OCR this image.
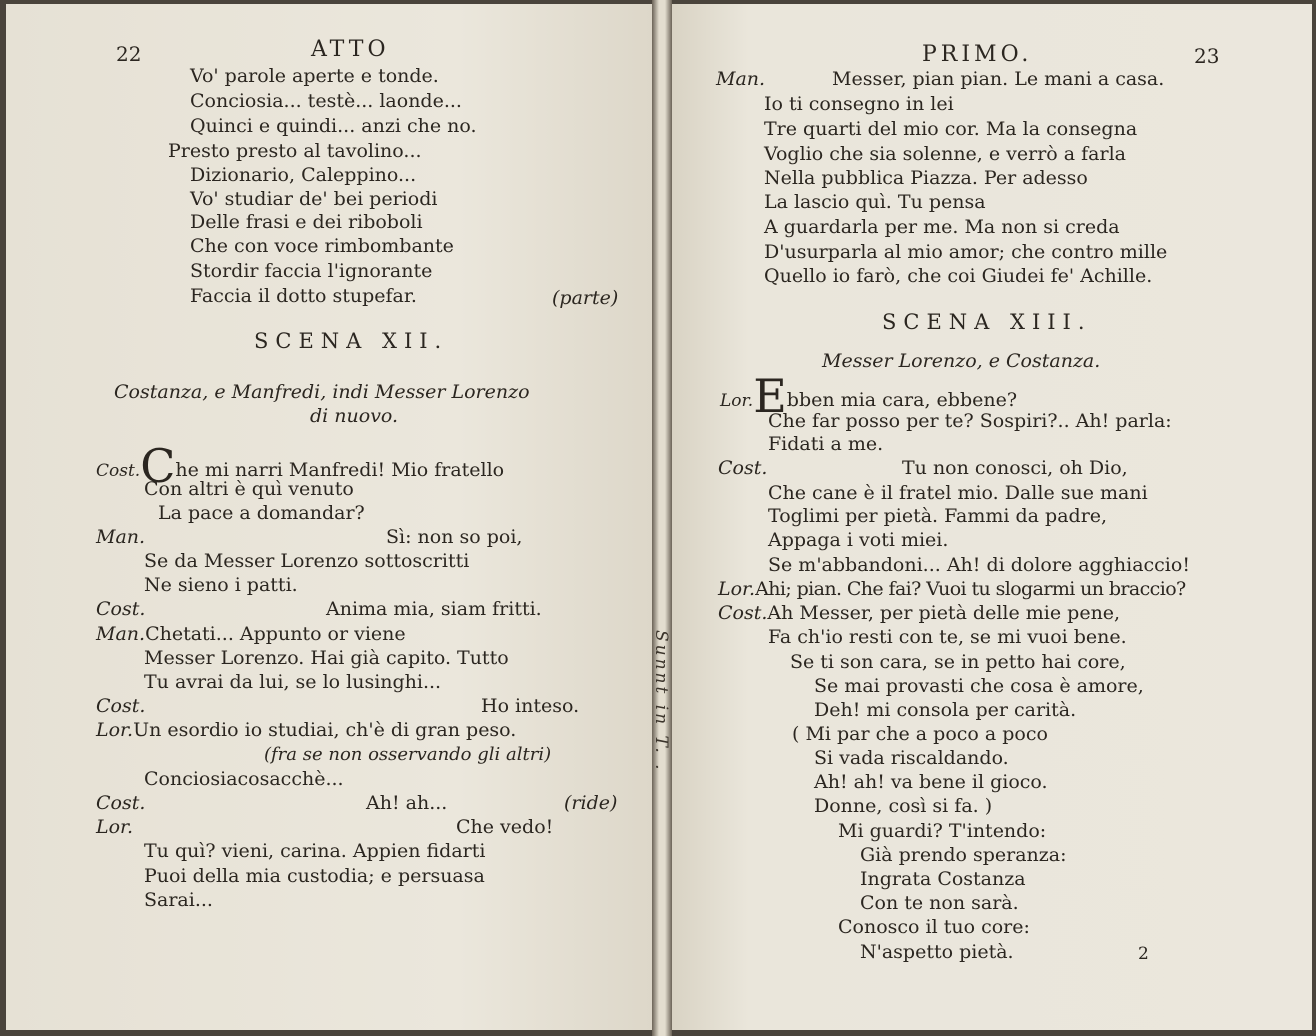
22	ATTO
Vo' parole aperte e tonde.
Conciosia... testè... laonde...
Quinci e quindi... anzi che no.
Presto presto al tavolino...
Dizionario, Caleppino...
Vo' studiar de' bei periodi
Delle frasi e dei riboboli
Che con voce rimbombante
Stordir faccia l'ignorante
Faccia il dotto stupefar.	(parte)
SCENA XII.
Costanza, e Manfredi, indi Messer Lorenzo
di nuovo.
Cost.Che mi narri Manfredi! Mio fratello
Con altri è quì venuto
La pace a domandar?
Man.	Sì: non so poi,
Se da Messer Lorenzo sottoscritti
Ne sieno i patti.
Cost.	Anima mia, siam fritti.
Man.Chetati... Appunto or viene
Messer Lorenzo. Hai già capito. Tutto
Tu avrai da lui, se lo lusinghi...
Cost.	Ho inteso.
Lor.Un esordio io studiai, ch'è di gran peso.
(fra se non osservando gli altri)
Conciosiacosacchè...
Cost.	Ah! ah...	(ride)
Lor.	Che vedo!
Tu quì? vieni, carina. Appien fidarti
Puoi della mia custodia; e persuasa
Sarai...
Sunnt in T. .
PRIMO.	23
Man.	Messer, pian pian. Le mani a casa.
Io ti consegno in lei
Tre quarti del mio cor. Ma la consegna
Voglio che sia solenne, e verrò a farla
Nella pubblica Piazza. Per adesso
La lascio quì. Tu pensa
A guardarla per me. Ma non si creda
D'usurparla al mio amor; che contro mille
Quello io farò, che coi Giudei fe' Achille.
SCENA XIII.
Messer Lorenzo, e Costanza.
Lor.Ebben mia cara, ebbene?
Che far posso per te? Sospiri?.. Ah! parla:
Fidati a me.
Cost.	Tu non conosci, oh Dio,
Che cane è il fratel mio. Dalle sue mani
Toglimi per pietà. Fammi da padre,
Appaga i voti miei.
Se m'abbandoni... Ah! di dolore agghiaccio!
Lor.Ahi; pian. Che fai? Vuoi tu slogarmi un braccio?
Cost.Ah Messer, per pietà delle mie pene,
Fa ch'io resti con te, se mi vuoi bene.
Se ti son cara, se in petto hai core,
Se mai provasti che cosa è amore,
Deh! mi consola per carità.
( Mi par che a poco a poco
Si vada riscaldando.
Ah! ah! va bene il gioco.
Donne, così si fa. )
Mi guardi? T'intendo:
Già prendo speranza:
Ingrata Costanza
Con te non sarà.
Conosco il tuo core:
N'aspetto pietà.	2
